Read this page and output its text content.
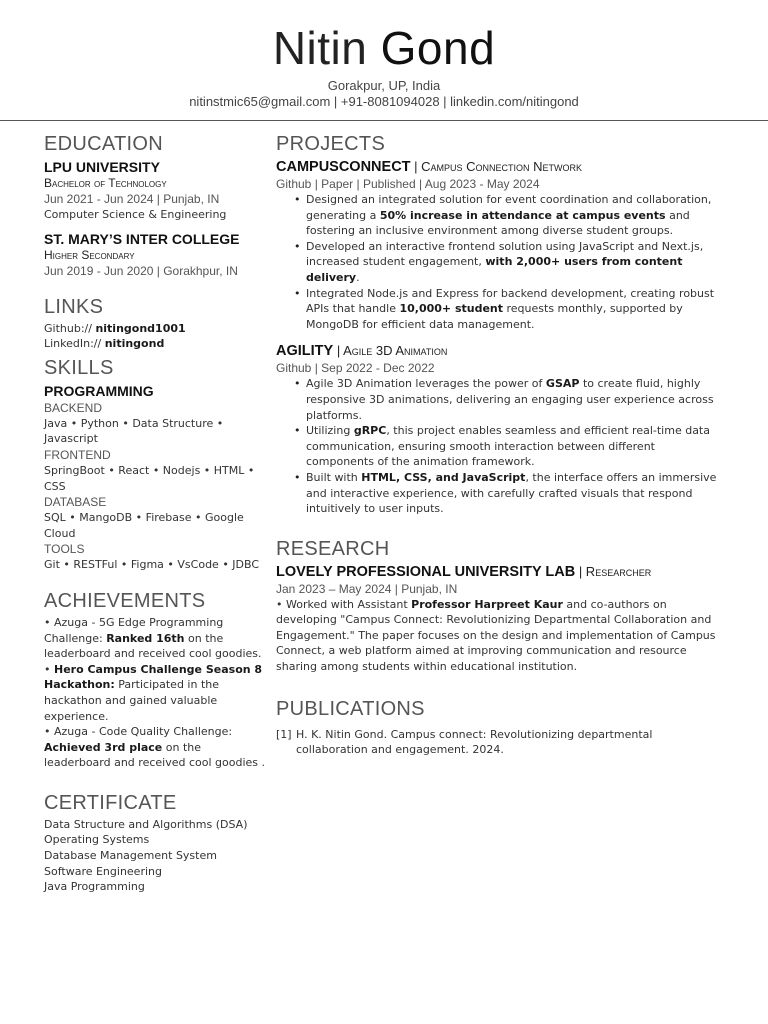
Nitin Gond
Gorakpur, UP, India
nitinstmic65@gmail.com | +91-8081094028 | linkedin.com/nitingond
EDUCATION
LPU UNIVERSITY
Bachelor of Technology
Jun 2021 - Jun 2024 | Punjab, IN
Computer Science & Engineering
ST. MARY’S INTER COLLEGE
Higher Secondary
Jun 2019 - Jun 2020 | Gorakhpur, IN
LINKS
Github:// nitingond1001
LinkedIn:// nitingond
SKILLS
PROGRAMMING
BACKEND
Java • Python • Data Structure • Javascript
FRONTEND
SpringBoot • React • Nodejs • HTML • CSS
DATABASE
SQL • MangoDB • Firebase • Google Cloud
TOOLS
Git • RESTFul • Figma • VsCode • JDBC
ACHIEVEMENTS
• Azuga - 5G Edge Programming Challenge: Ranked 16th on the leaderboard and received cool goodies.
• Hero Campus Challenge Season 8 Hackathon: Participated in the hackathon and gained valuable experience.
• Azuga - Code Quality Challenge: Achieved 3rd place on the leaderboard and received cool goodies .
CERTIFICATE
Data Structure and Algorithms (DSA)
Operating Systems
Database Management System
Software Engineering
Java Programming
PROJECTS
CAMPUSCONNECT | Campus Connection Network
Github | Paper | Published | Aug 2023 - May 2024
• Designed an integrated solution for event coordination and collaboration, generating a 50% increase in attendance at campus events and fostering an inclusive environment among diverse student groups.
• Developed an interactive frontend solution using JavaScript and Next.js, increased student engagement, with 2,000+ users from content delivery.
• Integrated Node.js and Express for backend development, creating robust APIs that handle 10,000+ student requests monthly, supported by MongoDB for efficient data management.
AGILITY | Agile 3D Animation
Github | Sep 2022 - Dec 2022
• Agile 3D Animation leverages the power of GSAP to create fluid, highly responsive 3D animations, delivering an engaging user experience across platforms.
• Utilizing gRPC, this project enables seamless and efficient real-time data communication, ensuring smooth interaction between different components of the animation framework.
• Built with HTML, CSS, and JavaScript, the interface offers an immersive and interactive experience, with carefully crafted visuals that respond intuitively to user inputs.
RESEARCH
LOVELY PROFESSIONAL UNIVERSITY LAB | Researcher
Jan 2023 – May 2024 | Punjab, IN
• Worked with Assistant Professor Harpreet Kaur and co-authors on developing "Campus Connect: Revolutionizing Departmental Collaboration and Engagement." The paper focuses on the design and implementation of Campus Connect, a web platform aimed at improving communication and resource sharing among students within educational institution.
PUBLICATIONS
[1] H. K. Nitin Gond. Campus connect: Revolutionizing departmental collaboration and engagement. 2024.
